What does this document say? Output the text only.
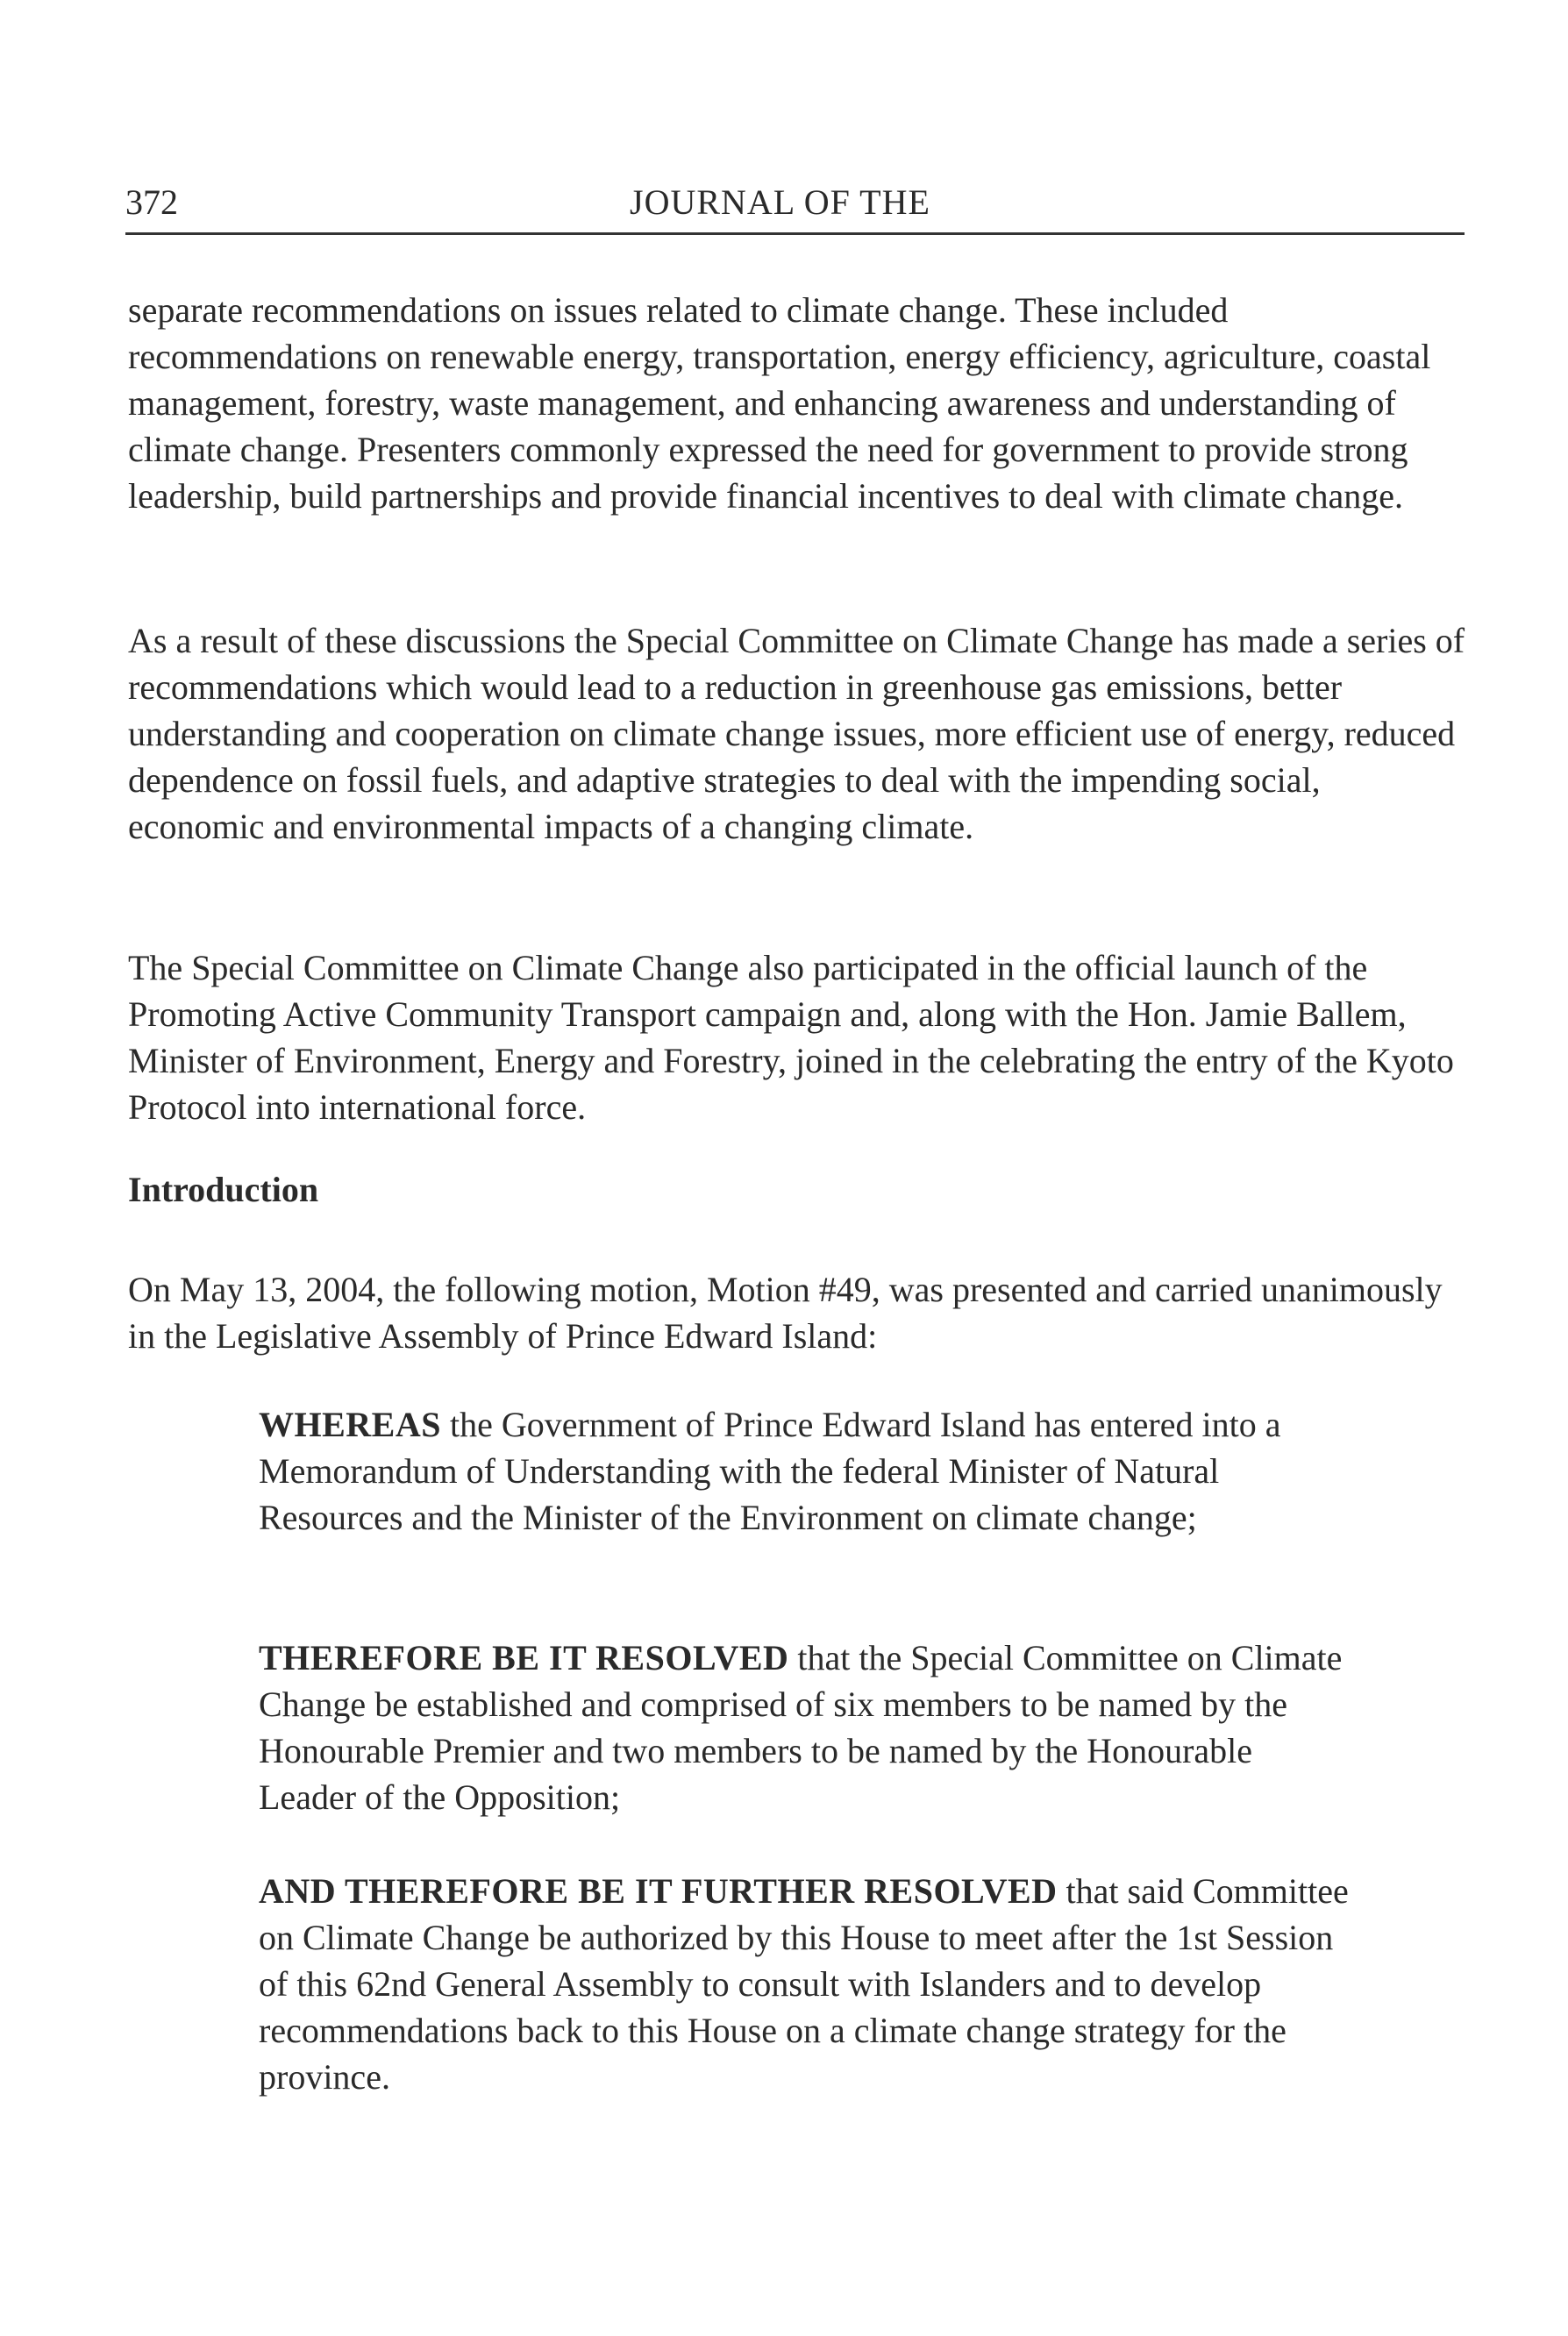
372	JOURNAL OF THE

separate recommendations on issues related to climate change. These included recommendations on renewable energy, transportation, energy efficiency, agriculture, coastal management, forestry, waste management, and enhancing awareness and understanding of climate change. Presenters commonly expressed the need for government to provide strong leadership, build partnerships and provide financial incentives to deal with climate change.

As a result of these discussions the Special Committee on Climate Change has made a series of recommendations which would lead to a reduction in greenhouse gas emissions, better understanding and cooperation on climate change issues, more efficient use of energy, reduced dependence on fossil fuels, and adaptive strategies to deal with the impending social, economic and environmental impacts of a changing climate.

The Special Committee on Climate Change also participated in the official launch of the Promoting Active Community Transport campaign and, along with the Hon. Jamie Ballem, Minister of Environment, Energy and Forestry, joined in the celebrating the entry of the Kyoto Protocol into international force.

Introduction

On May 13, 2004, the following motion, Motion #49, was presented and carried unanimously in the Legislative Assembly of Prince Edward Island:

WHEREAS the Government of Prince Edward Island has entered into a Memorandum of Understanding with the federal Minister of Natural Resources and the Minister of the Environment on climate change;

THEREFORE BE IT RESOLVED that the Special Committee on Climate Change be established and comprised of six members to be named by the Honourable Premier and two members to be named by the Honourable Leader of the Opposition;

AND THEREFORE BE IT FURTHER RESOLVED that said Committee on Climate Change be authorized by this House to meet after the 1st Session of this 62nd General Assembly to consult with Islanders and to develop recommendations back to this House on a climate change strategy for the province.
